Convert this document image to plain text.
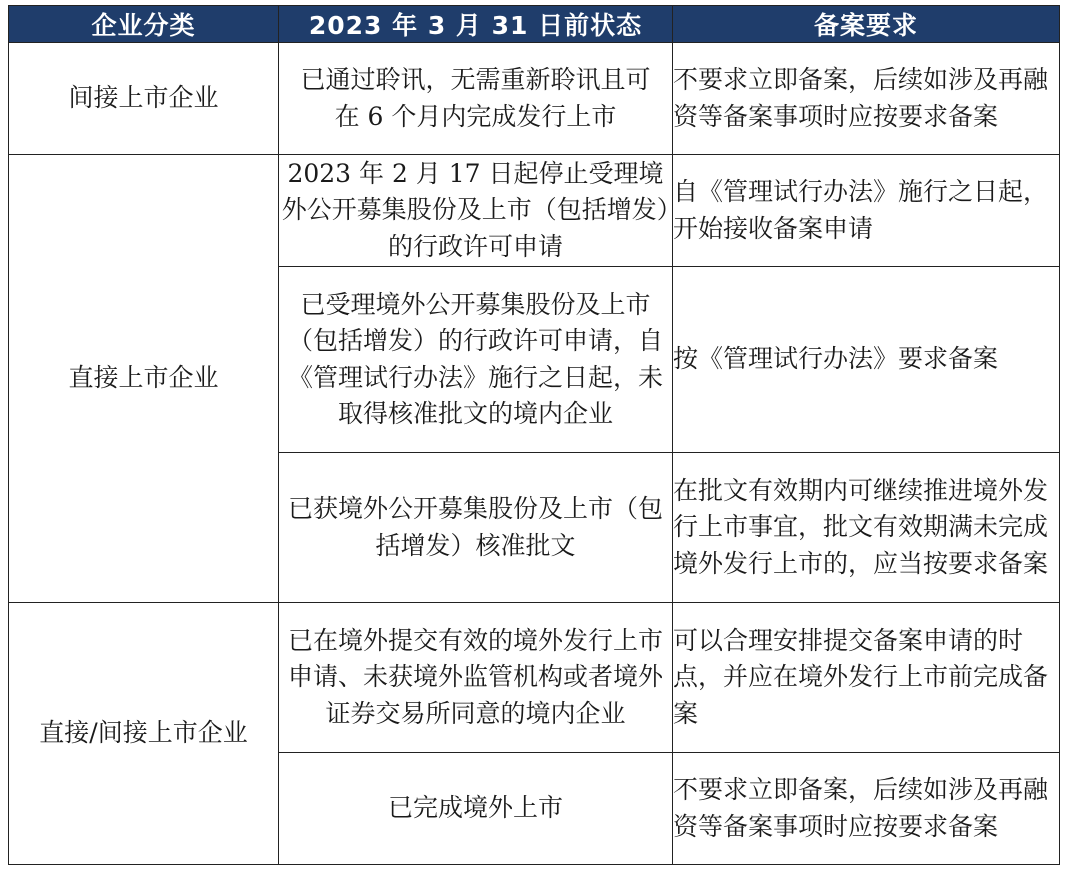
企业分类	2023 年 3 月 31 日前状态	备案要求
间接上市企业	已通过聆讯，无需重新聆讯且可在 6 个月内完成发行上市	不要求立即备案，后续如涉及再融资等备案事项时应按要求备案

直接上市企业	2023 年 2 月 17 日起停止受理境外公开募集股份及上市（包括增发）的行政许可申请	自《管理试行办法》施行之日起，开始接收备案申请

	已受理境外公开募集股份及上市（包括增发）的行政许可申请，自《管理试行办法》施行之日起，未取得核准批文的境内企业	按《管理试行办法》要求备案

	已获境外公开募集股份及上市（包括增发）核准批文	在批文有效期内可继续推进境外发行上市事宜，批文有效期满未完成境外发行上市的，应当按要求备案

直接/间接上市企业	已在境外提交有效的境外发行上市申请、未获境外监管机构或者境外证券交易所同意的境内企业	可以合理安排提交备案申请的时点，并应在境外发行上市前完成备案

	已完成境外上市	不要求立即备案，后续如涉及再融资等备案事项时应按要求备案
